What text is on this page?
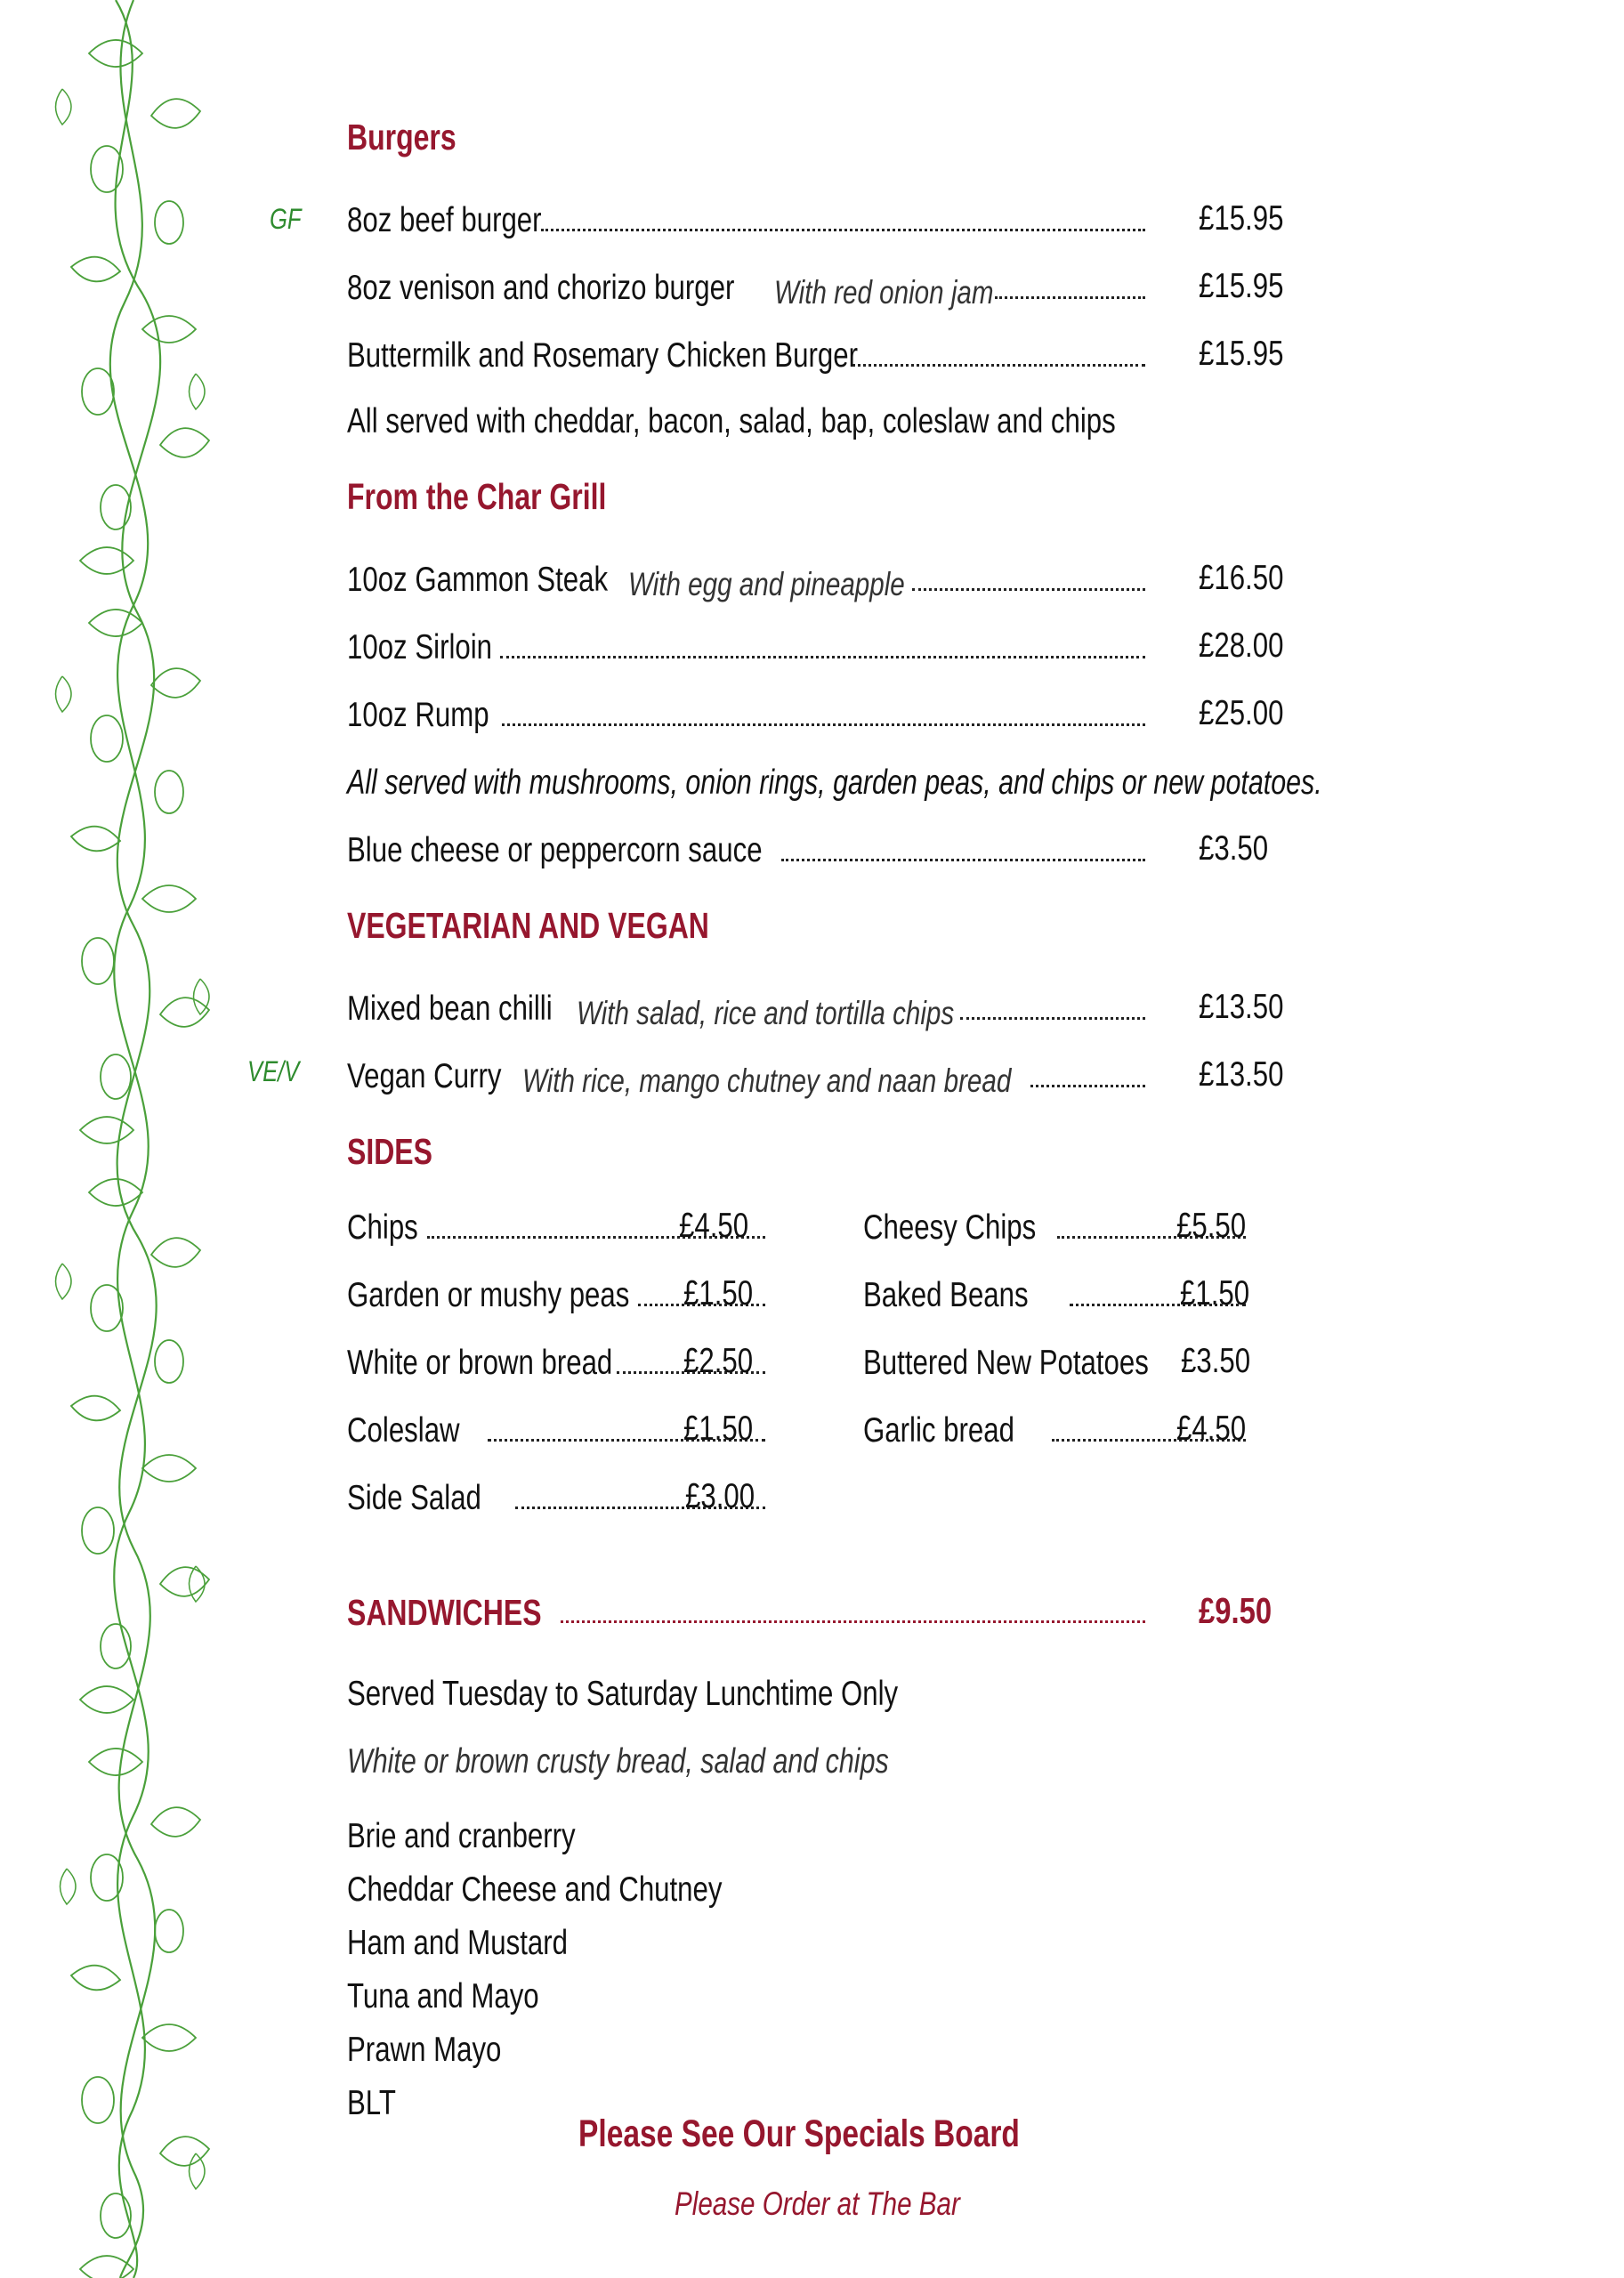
GF
VE/V
Burgers
8oz beef burger	£15.95
8oz venison and chorizo burger With red onion jam	£15.95
Buttermilk and Rosemary Chicken Burger	£15.95
All served with cheddar, bacon, salad, bap, coleslaw and chips
From the Char Grill
10oz Gammon Steak With egg and pineapple	£16.50
10oz Sirloin	£28.00
10oz Rump	£25.00
All served with mushrooms, onion rings, garden peas, and chips or new potatoes.
Blue cheese or peppercorn sauce	£3.50
VEGETARIAN AND VEGAN
Mixed bean chilli With salad, rice and tortilla chips	£13.50
Vegan Curry With rice, mango chutney and naan bread	£13.50
SIDES
Chips	£4.50
Garden or mushy peas £1.50
White or brown bread £2.50
Coleslaw	£1.50
Side Salad	£3.00
Cheesy Chips	£5.50
Baked Beans	£1.50
Buttered New Potatoes £3.50
Garlic bread	£4.50
SANDWICHES	£9.50
Served Tuesday to Saturday Lunchtime Only
White or brown crusty bread, salad and chips
Brie and cranberry
Cheddar Cheese and Chutney
Ham and Mustard
Tuna and Mayo
Prawn Mayo
BLT
Please See Our Specials Board
Please Order at The Bar
